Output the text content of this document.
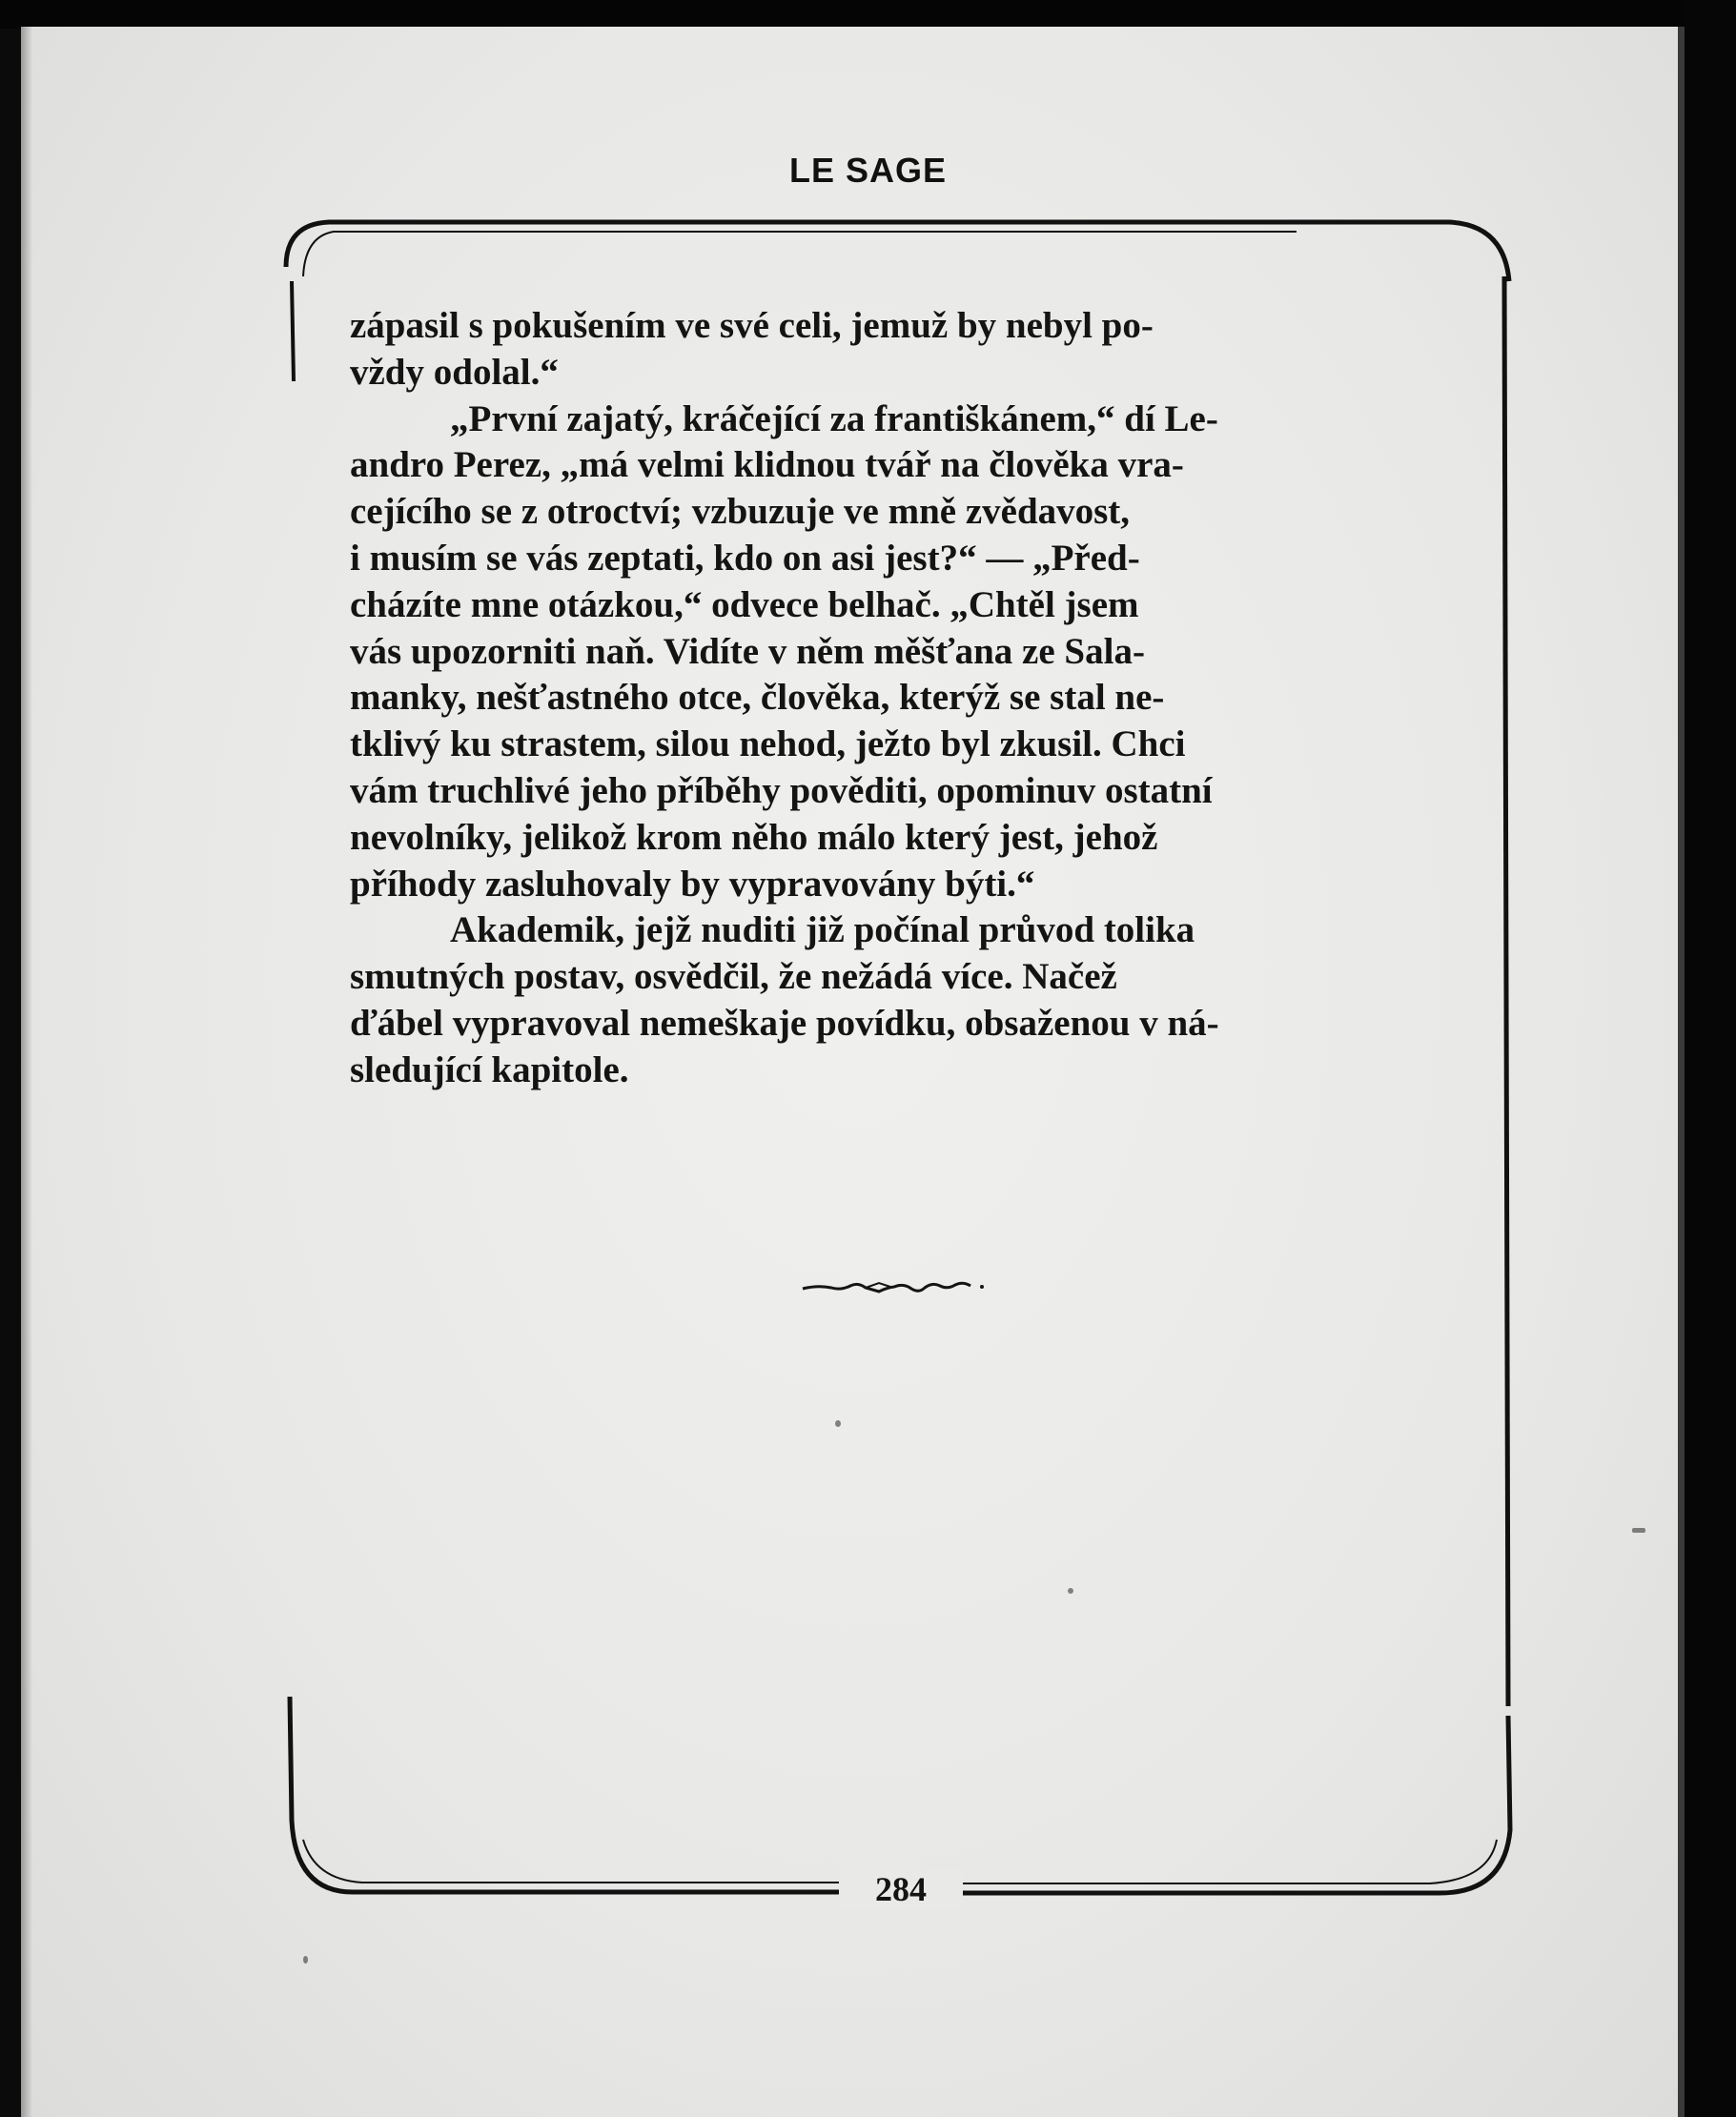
LE SAGE

zápasil s pokušením ve své celi, jemuž by nebyl po-
vždy odolal.“

„První zajatý, kráčející za františkánem,“ dí Le-
andro Perez, „má velmi klidnou tvář na člověka vra-
cejícího se z otroctví; vzbuzuje ve mně zvědavost,
i musím se vás zeptati, kdo on asi jest?“ — „Před-
cházíte mne otázkou,“ odvece belhač. „Chtěl jsem
vás upozorniti naň. Vidíte v něm měšťana ze Sala-
manky, nešťastného otce, člověka, kterýž se stal ne-
tklivý ku strastem, silou nehod, ježto byl zkusil. Chci
vám truchlivé jeho příběhy pověditi, opominuv ostatní
nevolníky, jelikož krom něho málo který jest, jehož
příhody zasluhovaly by vypravovány býti.“

Akademik, jejž nuditi již počínal průvod tolika
smutných postav, osvědčil, že nežádá více. Načež
ďábel vypravoval nemeškaje povídku, obsaženou v ná-
sledující kapitole.

284
